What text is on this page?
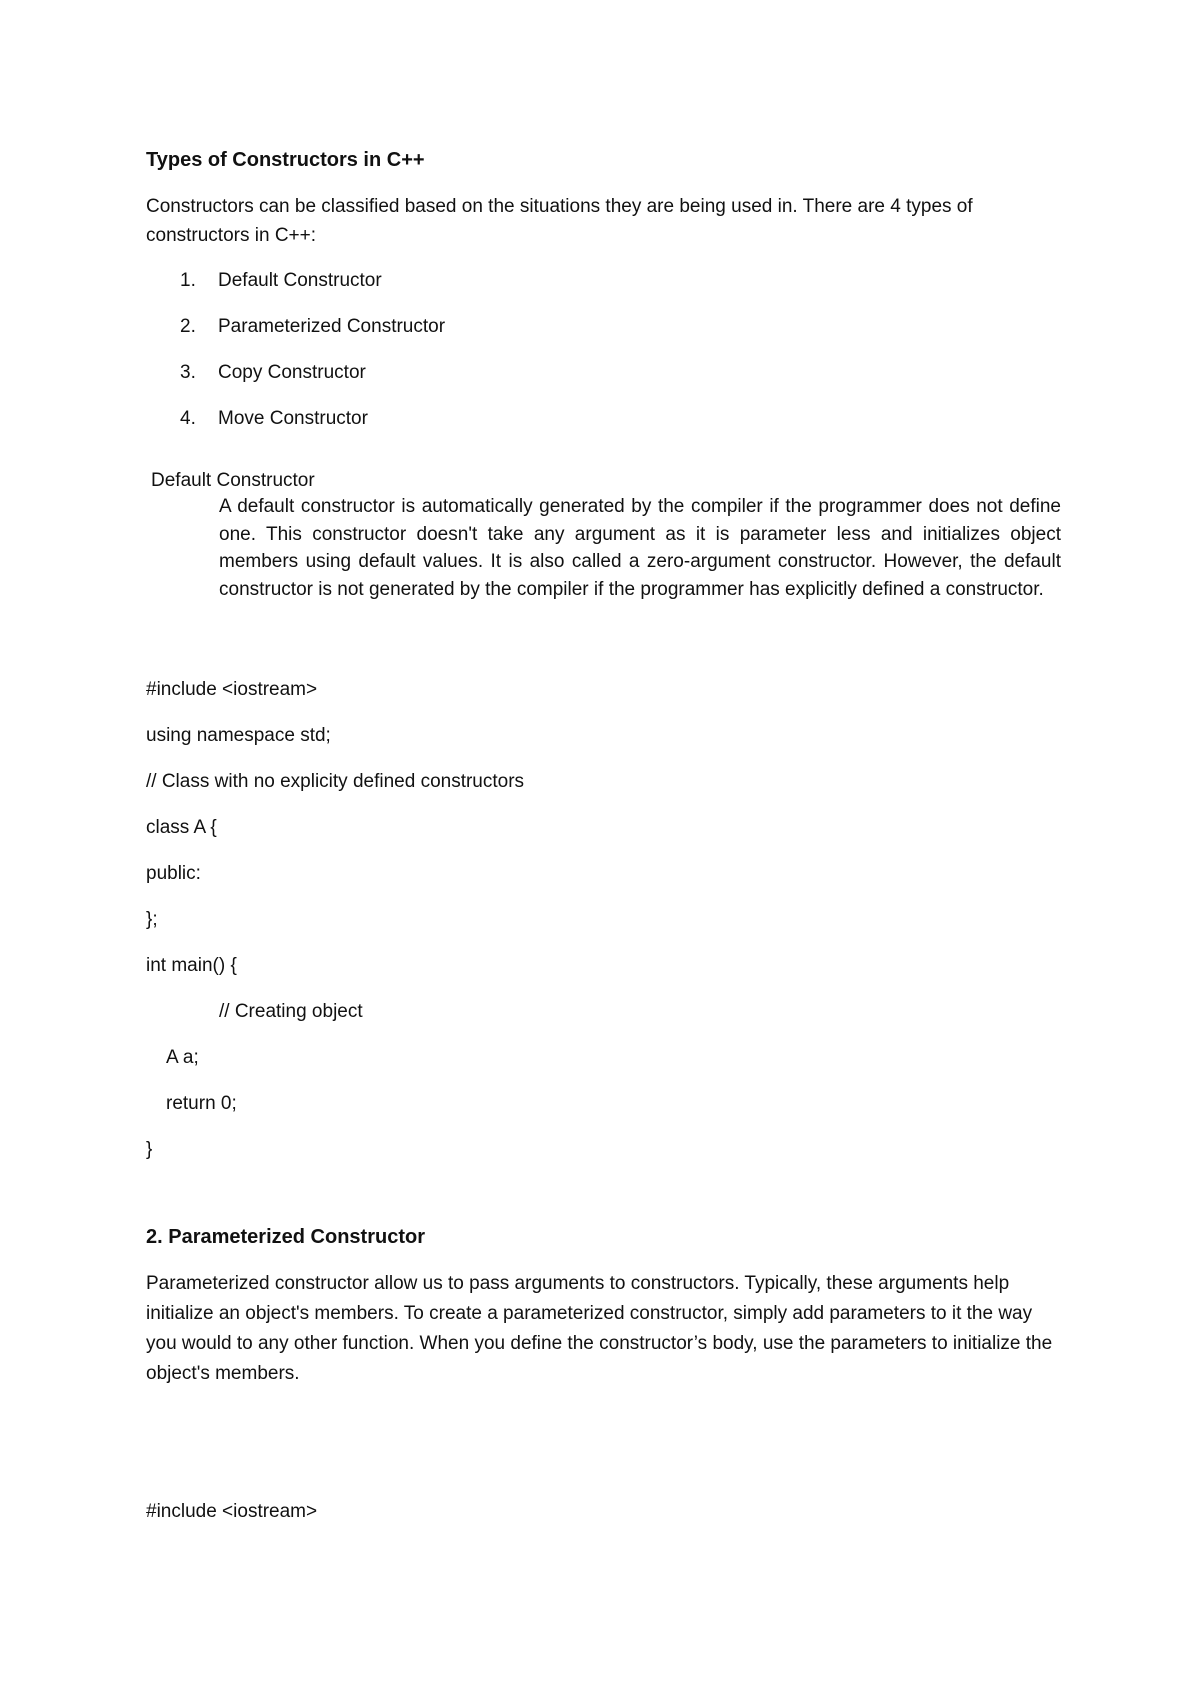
Types of Constructors in C++
Constructors can be classified based on the situations they are being used in. There are 4 types of constructors in C++:
1. Default Constructor
2. Parameterized Constructor
3. Copy Constructor
4. Move Constructor
Default Constructor
A default constructor is automatically generated by the compiler if the programmer does not define one. This constructor doesn't take any argument as it is parameter less and initializes object members using default values. It is also called a zero-argument constructor. However, the default constructor is not generated by the compiler if the programmer has explicitly defined a constructor.
#include <iostream>
using namespace std;
// Class with no explicity defined constructors
class A {
public:
};
int main() {
// Creating object
A a;
return 0;
}
2. Parameterized Constructor
Parameterized constructor allow us to pass arguments to constructors. Typically, these arguments help initialize an object's members. To create a parameterized constructor, simply add parameters to it the way you would to any other function. When you define the constructor’s body, use the parameters to initialize the object's members.
#include <iostream>
